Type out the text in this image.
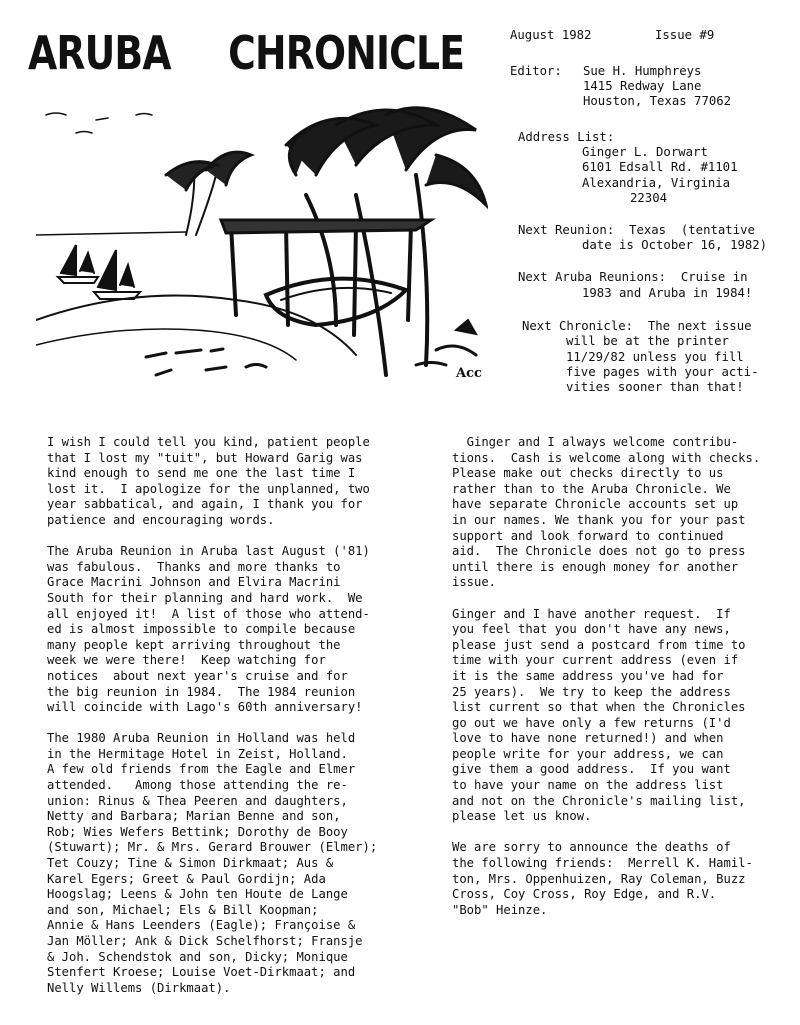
ARUBA CHRONICLE
Acc

August 1982

	Issue #9

Editor:

Sue H. Humphreys

1415 Redway Lane

Houston, Texas 77062

Address List:

Ginger L. Dorwart

6101 Edsall Rd. #1101

Alexandria, Virginia

22304

Next Reunion:  Texas  (tentative

date is October 16, 1982)

Next Aruba Reunions:  Cruise in

1983 and Aruba in 1984!

Next Chronicle:  The next issue

will be at the printer

11/29/82 unless you fill

five pages with your acti-

vities sooner than that!

I wish I could tell you kind, patient people
that I lost my "tuit", but Howard Garig was
kind enough to send me one the last time I
lost it.  I apologize for the unplanned, two
year sabbatical, and again, I thank you for
patience and encouraging words.

The Aruba Reunion in Aruba last August ('81)
was fabulous.  Thanks and more thanks to
Grace Macrini Johnson and Elvira Macrini
South for their planning and hard work.  We
all enjoyed it!  A list of those who attend-
ed is almost impossible to compile because
many people kept arriving throughout the
week we were there!  Keep watching for
notices  about next year's cruise and for
the big reunion in 1984.  The 1984 reunion
will coincide with Lago's 60th anniversary!

The 1980 Aruba Reunion in Holland was held
in the Hermitage Hotel in Zeist, Holland.
A few old friends from the Eagle and Elmer
attended.   Among those attending the re-
union: Rinus & Thea Peeren and daughters,
Netty and Barbara; Marian Benne and son,
Rob; Wies Wefers Bettink; Dorothy de Booy
(Stuwart); Mr. & Mrs. Gerard Brouwer (Elmer);
Tet Couzy; Tine & Simon Dirkmaat; Aus &
Karel Egers; Greet & Paul Gordijn; Ada
Hoogslag; Leens & John ten Houte de Lange
and son, Michael; Els & Bill Koopman;
Annie & Hans Leenders (Eagle); Françoise &
Jan Möller; Ank & Dick Schelfhorst; Fransje
& Joh. Schendstok and son, Dicky; Monique
Stenfert Kroese; Louise Voet-Dirkmaat; and
Nelly Willems (Dirkmaat).

Ginger and I always welcome contribu-
tions.  Cash is welcome along with checks.
Please make out checks directly to us
rather than to the Aruba Chronicle. We
have separate Chronicle accounts set up
in our names. We thank you for your past
support and look forward to continued
aid.  The Chronicle does not go to press
until there is enough money for another
issue.

Ginger and I have another request.  If
you feel that you don't have any news,
please just send a postcard from time to
time with your current address (even if
it is the same address you've had for
25 years).  We try to keep the address
list current so that when the Chronicles
go out we have only a few returns (I'd
love to have none returned!) and when
people write for your address, we can
give them a good address.  If you want
to have your name on the address list
and not on the Chronicle's mailing list,
please let us know.

We are sorry to announce the deaths of
the following friends:  Merrell K. Hamil-
ton, Mrs. Oppenhuizen, Ray Coleman, Buzz
Cross, Coy Cross, Roy Edge, and R.V.
"Bob" Heinze.
